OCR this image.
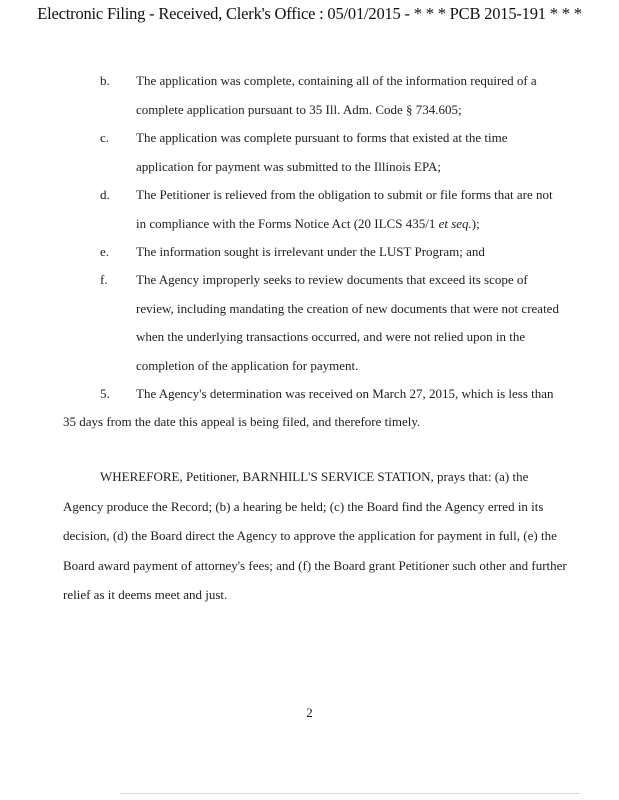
Electronic Filing - Received, Clerk's Office : 05/01/2015 - * * * PCB 2015-191 * * *
b.	The application was complete, containing all of the information required of a
complete application pursuant to 35 Ill. Adm. Code § 734.605;
c.	The application was complete pursuant to forms that existed at the time
application for payment was submitted to the Illinois EPA;
d.	The Petitioner is relieved from the obligation to submit or file forms that are not
in compliance with the Forms Notice Act (20 ILCS 435/1 et seq.);
e.	The information sought is irrelevant under the LUST Program; and
f.	The Agency improperly seeks to review documents that exceed its scope of
review, including mandating the creation of new documents that were not created
when the underlying transactions occurred, and were not relied upon in the
completion of the application for payment.
5. The Agency's determination was received on March 27, 2015, which is less than
35 days from the date this appeal is being filed, and therefore timely.
WHEREFORE, Petitioner, BARNHILL'S SERVICE STATION, prays that: (a) the
Agency produce the Record; (b) a hearing be held; (c) the Board find the Agency erred in its
decision, (d) the Board direct the Agency to approve the application for payment in full, (e) the
Board award payment of attorney's fees; and (f) the Board grant Petitioner such other and further
relief as it deems meet and just.
2
